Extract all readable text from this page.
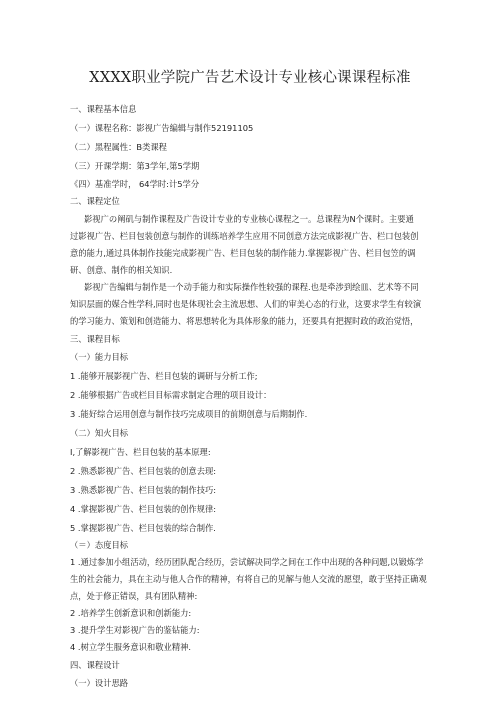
XXXX职业学院广告艺术设计专业核心课课程标准
一、课程基本信息
（一）课程名称：影视广告编辑与制作52191105
（二）黑程属性：B类课程
（三）开课学期：第3学年,第5学期
《四）基准学时， 64学时:计5学分
二、课程定位
影视广の阐矶与制作课程及广告设计专业的专业核心课程之一。总课程为N个课时。主要通
过影视广告、栏目包装创意与制作的训练培养学生应用不同创意方法完成影视广告、栏口包装创
意的能力,通过具体制作技能完成影视广告、栏目包装的制作能力.掌握影视广告、栏目包笠的调
研、创意、制作的相关知识.
影视广告编辑与制作是一个动手能力和实际操作性较强的课程.也是牵涉到绘皿、艺术等不同
知识层面的媒合性学科,同时也是体现社会主流思想、人们的审美心态的行业，这要求学生有较演
的学习能力、策划和创造能力、将思想转化为具体形象的能力，还要具有把握时政的政治觉悟，
三、课程目标
（一）能力目标
1 .能够开展影视广告、栏目包装的调研与分析工作;
2 .能够根据广告或栏目目标需求制定合理的项目设计：
3 .能好综合运用创意与制作技巧完成项目的前期创意与后期制作.
（二）知火目标
I,了解影视广告、栏目包装的基本原理:
2 .熟悉影视广告、栏目包装的创意去现:
3 .熟悉影视广告、栏目包装的制作技巧:
4 .掌握影视广告、栏目包装的创作规律:
5 .掌握影视广告、栏目包装的综合制作.
（＝）态度目标
1 .通过参加小组活动，经历团队配合经历，尝试解决同学之间在工作中出现的各种问题,以锻炼学
生的社会能力，具在主动与他人合作的精神，有将自己的见解与他人交流的愿望，敢于坚持正确观
点，处于修正错误，具有团队精神:
2 .培养学生创新意识和创新能力:
3 .提升学生对影视广告的鉴钻能力:
4 .树立学生服务意识和敬业精神.
四、课程设计
（一）设计思路
